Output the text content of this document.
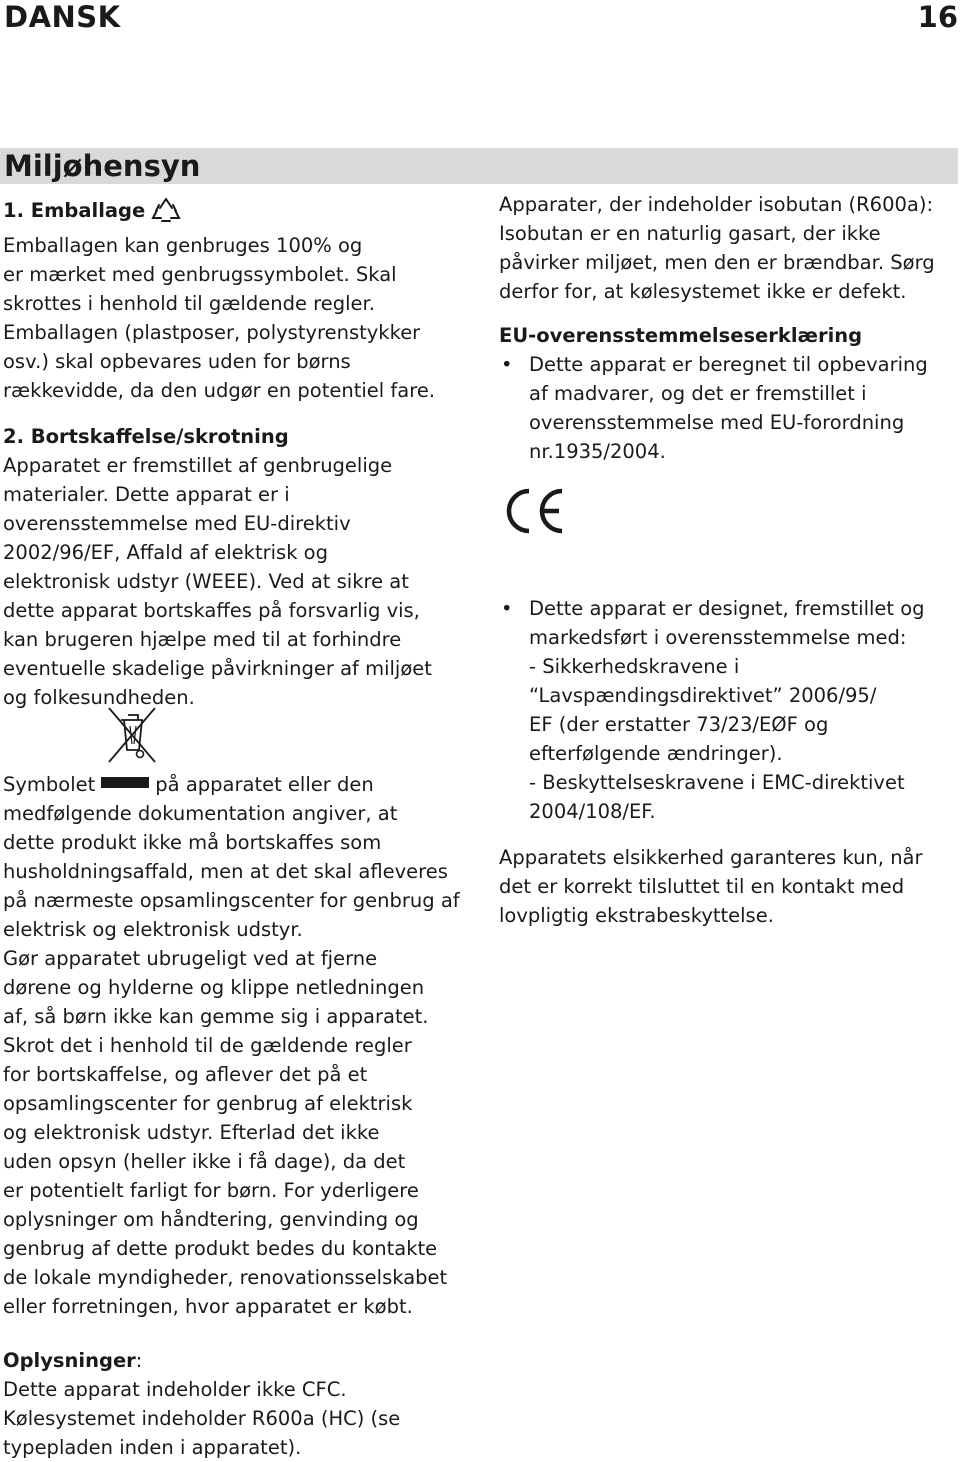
DANSK	16
Miljøhensyn

1. Emballage

Emballagen kan genbruges 100% og
er mærket med genbrugssymbolet. Skal
skrottes i henhold til gældende regler.
Emballagen (plastposer, polystyrenstykker
osv.) skal opbevares uden for børns
rækkevidde, da den udgør en potentiel fare.

2. Bortskaffelse/skrotning

Apparatet er fremstillet af genbrugelige
materialer. Dette apparat er i
overensstemmelse med EU-direktiv
2002/96/EF, Affald af elektrisk og
elektronisk udstyr (WEEE). Ved at sikre at
dette apparat bortskaffes på forsvarlig vis,
kan brugeren hjælpe med til at forhindre
eventuelle skadelige påvirkninger af miljøet
og folkesundheden.

Symbolet	på apparatet eller den

medfølgende dokumentation angiver, at
dette produkt ikke må bortskaffes som
husholdningsaffald, men at det skal afleveres
på nærmeste opsamlingscenter for genbrug af
elektrisk og elektronisk udstyr.
Gør apparatet ubrugeligt ved at fjerne
dørene og hylderne og klippe netledningen
af, så børn ikke kan gemme sig i apparatet.
Skrot det i henhold til de gældende regler
for bortskaffelse, og aflever det på et
opsamlingscenter for genbrug af elektrisk
og elektronisk udstyr. Efterlad det ikke
uden opsyn (heller ikke i få dage), da det
er potentielt farligt for børn. For yderligere
oplysninger om håndtering, genvinding og
genbrug af dette produkt bedes du kontakte
de lokale myndigheder, renovationsselskabet
eller forretningen, hvor apparatet er købt.

Oplysninger:

Dette apparat indeholder ikke CFC.
Kølesystemet indeholder R600a (HC) (se
typepladen inden i apparatet).

Apparater, der indeholder isobutan (R600a):
Isobutan er en naturlig gasart, der ikke
påvirker miljøet, men den er brændbar. Sørg
derfor for, at kølesystemet ikke er defekt.

EU-overensstemmelseserklæring

• Dette apparat er beregnet til opbevaring
af madvarer, og det er fremstillet i
overensstemmelse med EU-forordning
nr.1935/2004.

• Dette apparat er designet, fremstillet og
markedsført i overensstemmelse med:
- Sikkerhedskravene i
“Lavspændingsdirektivet” 2006/95/
EF (der erstatter 73/23/EØF og
efterfølgende ændringer).
- Beskyttelseskravene i EMC-direktivet
2004/108/EF.

Apparatets elsikkerhed garanteres kun, når
det er korrekt tilsluttet til en kontakt med
lovpligtig ekstrabeskyttelse.
